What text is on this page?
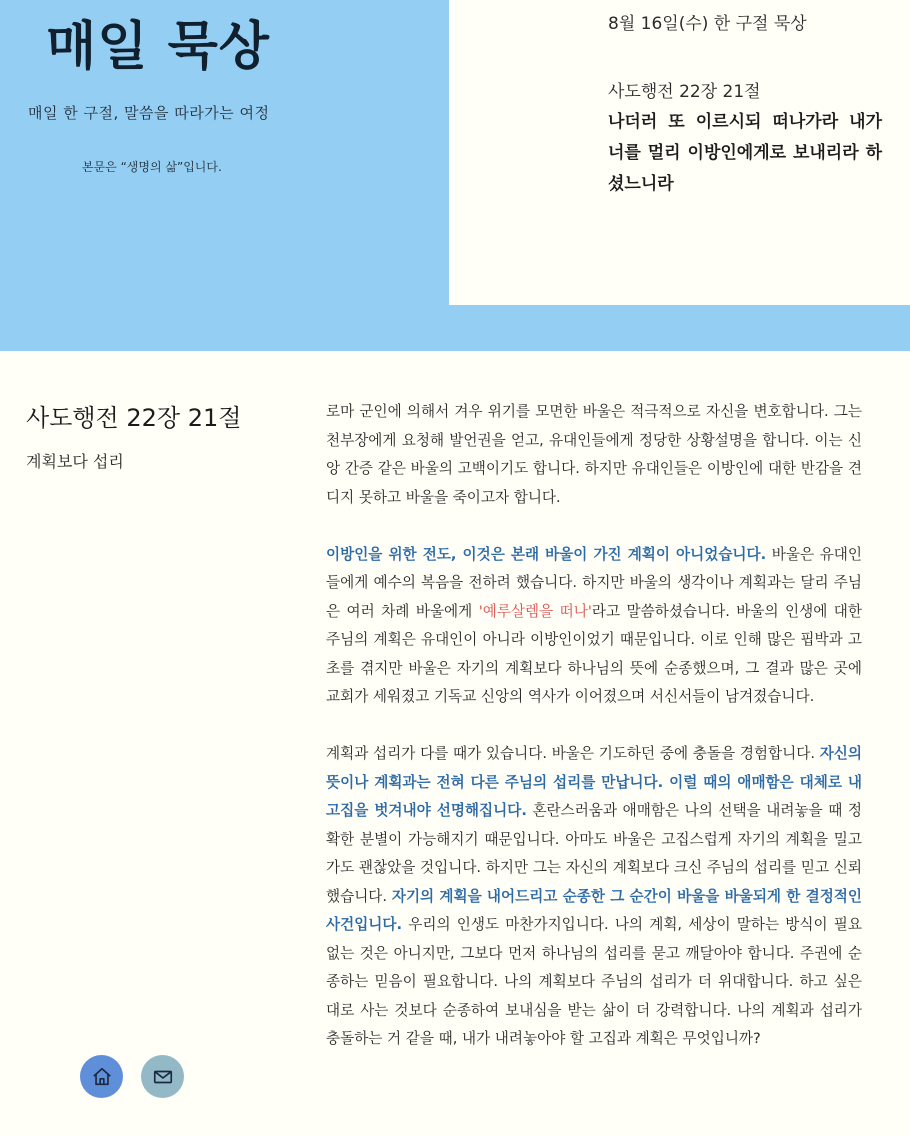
매일 묵상
매일 한 구절, 말씀을 따라가는 여정
본문은 “생명의 삶”입니다.
8월 16일(수) 한 구절 묵상
사도행전 22장 21절
나더러 또 이르시되 떠나가라 내가 너를 멀리 이방인에게로 보내리라 하셨느니라
사도행전 22장 21절
계획보다 섭리

로마 군인에 의해서 겨우 위기를 모면한 바울은 적극적으로 자신을 변호합니다. 그는 천부장에게 요청해 발언권을 얻고, 유대인들에게 정당한 상황설명을 합니다. 이는 신앙 간증 같은 바울의 고백이기도 합니다. 하지만 유대인들은 이방인에 대한 반감을 견디지 못하고 바울을 죽이고자 합니다.

이방인을 위한 전도, 이것은 본래 바울이 가진 계획이 아니었습니다. 바울은 유대인들에게 예수의 복음을 전하려 했습니다. 하지만 바울의 생각이나 계획과는 달리 주님은 여러 차례 바울에게 '예루살렘을 떠나'라고 말씀하셨습니다. 바울의 인생에 대한 주님의 계획은 유대인이 아니라 이방인이었기 때문입니다. 이로 인해 많은 핍박과 고초를 겪지만 바울은 자기의 계획보다 하나님의 뜻에 순종했으며, 그 결과 많은 곳에 교회가 세워졌고 기독교 신앙의 역사가 이어졌으며 서신서들이 남겨졌습니다.

계획과 섭리가 다를 때가 있습니다. 바울은 기도하던 중에 충돌을 경험합니다. 자신의 뜻이나 계획과는 전혀 다른 주님의 섭리를 만납니다. 이럴 때의 애매함은 대체로 내 고집을 벗겨내야 선명해집니다. 혼란스러움과 애매함은 나의 선택을 내려놓을 때 정확한 분별이 가능해지기 때문입니다. 아마도 바울은 고집스럽게 자기의 계획을 밀고 가도 괜찮았을 것입니다. 하지만 그는 자신의 계획보다 크신 주님의 섭리를 믿고 신뢰했습니다. 자기의 계획을 내어드리고 순종한 그 순간이 바울을 바울되게 한 결정적인 사건입니다. 우리의 인생도 마찬가지입니다. 나의 계획, 세상이 말하는 방식이 필요 없는 것은 아니지만, 그보다 먼저 하나님의 섭리를 묻고 깨달아야 합니다. 주권에 순종하는 믿음이 필요합니다. 나의 계획보다 주님의 섭리가 더 위대합니다. 하고 싶은 대로 사는 것보다 순종하여 보내심을 받는 삶이 더 강력합니다. 나의 계획과 섭리가 충돌하는 거 같을 때, 내가 내려놓아야 할 고집과 계획은 무엇입니까?
